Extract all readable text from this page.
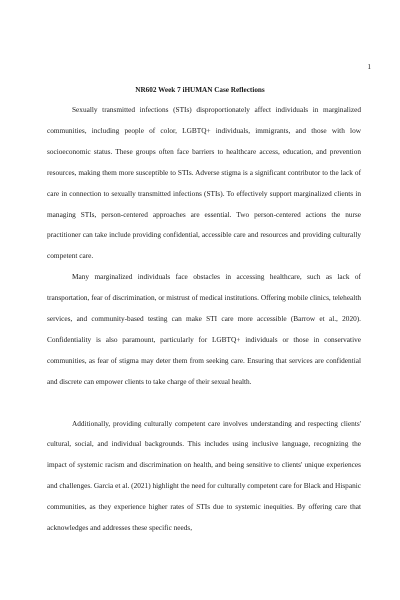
1
NR602 Week 7 iHUMAN Case Reflections

Sexually transmitted infections (STIs) disproportionately affect individuals in marginalized communities, including people of color, LGBTQ+ individuals, immigrants, and those with low socioeconomic status. These groups often face barriers to healthcare access, education, and prevention resources, making them more susceptible to STIs. Adverse stigma is a significant contributor to the lack of care in connection to sexually transmitted infections (STIs). To effectively support marginalized clients in managing STIs, person-centered approaches are essential. Two person-centered actions the nurse practitioner can take include providing confidential, accessible care and resources and providing culturally competent care.

Many marginalized individuals face obstacles in accessing healthcare, such as lack of transportation, fear of discrimination, or mistrust of medical institutions. Offering mobile clinics, telehealth services, and community-based testing can make STI care more accessible (Barrow et al., 2020). Confidentiality is also paramount, particularly for LGBTQ+ individuals or those in conservative communities, as fear of stigma may deter them from seeking care. Ensuring that services are confidential and discrete can empower clients to take charge of their sexual health.

Additionally, providing culturally competent care involves understanding and respecting clients' cultural, social, and individual backgrounds. This includes using inclusive language, recognizing the impact of systemic racism and discrimination on health, and being sensitive to clients' unique experiences and challenges. Garcia et al. (2021) highlight the need for culturally competent care for Black and Hispanic communities, as they experience higher rates of STIs due to systemic inequities. By offering care that acknowledges and addresses these specific needs,
